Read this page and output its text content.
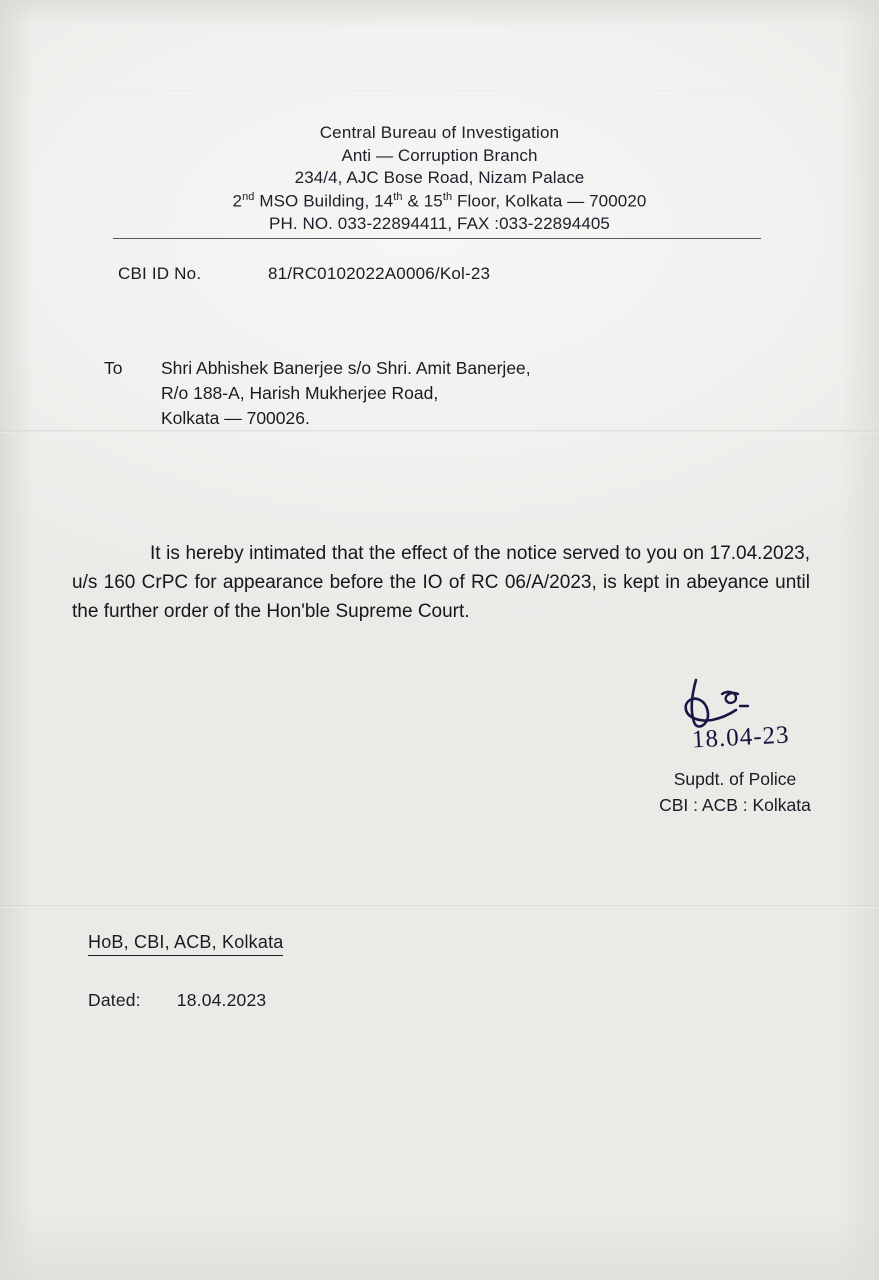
Central Bureau of Investigation
Anti — Corruption Branch
234/4, AJC Bose Road, Nizam Palace
2nd MSO Building, 14th & 15th Floor, Kolkata — 700020
PH. NO. 033-22894411, FAX :033-22894405
CBI ID No.	81/RC0102022A0006/Kol-23
To Shri Abhishek Banerjee s/o Shri. Amit Banerjee,
R/o 188-A, Harish Mukherjee Road,
Kolkata — 700026.
It is hereby intimated that the effect of the notice served to you on 17.04.2023, u/s 160 CrPC for appearance before the IO of RC 06/A/2023, is kept in abeyance until the further order of the Hon'ble Supreme Court.
18.04-23
Supdt. of Police
CBI : ACB : Kolkata
HoB, CBI, ACB, Kolkata
Dated: 18.04.2023
